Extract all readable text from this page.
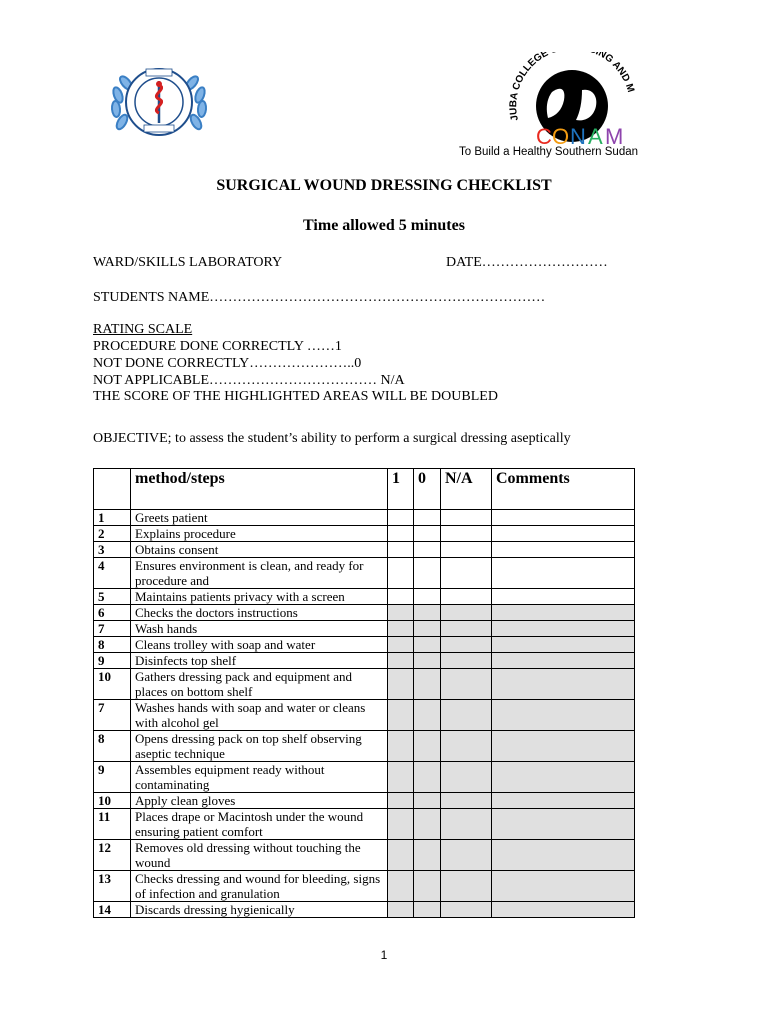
JUBA COLLEGE ING AND M
C O N A M
To Build a Healthy Southern Sudan
SURGICAL WOUND DRESSING CHECKLIST
Time allowed 5 minutes
WARD/SKILLS LABORATORY	DATE………………………
STUDENTS NAME………………………………………………………………
RATING SCALE
PROCEDURE DONE CORRECTLY ……1
NOT DONE CORRECTLY…………………..0
NOT APPLICABLE……………………………… N/A
THE SCORE OF THE HIGHLIGHTED AREAS WILL BE DOUBLED
OBJECTIVE; to assess the student’s ability to perform a surgical dressing aseptically
	method/steps	1	0	N/A	Comments
1	Greets patient				
2	Explains procedure				
3	Obtains consent				
4	Ensures environment is clean, and ready for procedure and				
5	Maintains patients privacy with a screen				
6	Checks the doctors instructions				
7	Wash hands				
8	Cleans trolley with soap and water				
9	Disinfects top shelf				
10	Gathers dressing pack and equipment and places on bottom shelf				
7	Washes hands with soap and water or cleans with alcohol gel				
8	Opens dressing pack on top shelf observing aseptic technique				
9	Assembles equipment ready without contaminating				
10	Apply clean gloves				
11	Places drape or Macintosh under the wound ensuring patient comfort				
12	Removes old dressing without touching the wound				
13	Checks dressing and wound for bleeding, signs of infection and granulation				
14	Discards dressing hygienically				
1
